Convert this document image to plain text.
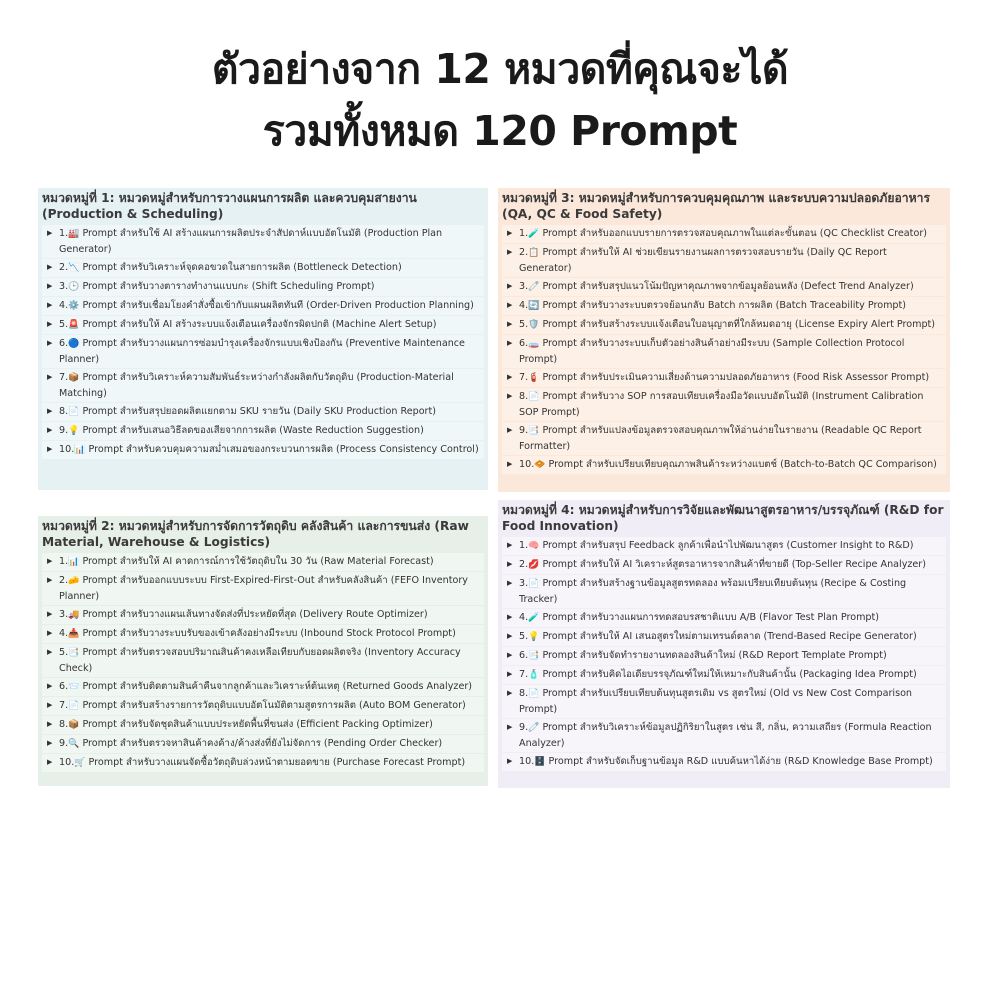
ตัวอย่างจาก 12 หมวดที่คุณจะได้
รวมทั้งหมด 120 Prompt
หมวดหมู่ที่ 1: หมวดหมู่สำหรับการวางแผนการผลิต และควบคุมสายงาน (Production & Scheduling)
▶ 1.🏭 Prompt สำหรับใช้ AI สร้างแผนการผลิตประจำสัปดาห์แบบอัตโนมัติ (Production Plan Generator)
▶ 2.📉 Prompt สำหรับวิเคราะห์จุดคอขวดในสายการผลิต (Bottleneck Detection)
▶ 3.🕒 Prompt สำหรับวางตารางทำงานแบบกะ (Shift Scheduling Prompt)
▶ 4.⚙️ Prompt สำหรับเชื่อมโยงคำสั่งซื้อเข้ากับแผนผลิตทันที (Order-Driven Production Planning)
▶ 5.🚨 Prompt สำหรับให้ AI สร้างระบบแจ้งเตือนเครื่องจักรผิดปกติ (Machine Alert Setup)
▶ 6.🔵 Prompt สำหรับวางแผนการซ่อมบำรุงเครื่องจักรแบบเชิงป้องกัน (Preventive Maintenance Planner)
▶ 7.📦 Prompt สำหรับวิเคราะห์ความสัมพันธ์ระหว่างกำลังผลิตกับวัตถุดิบ (Production-Material Matching)
▶ 8.📄 Prompt สำหรับสรุปยอดผลิตแยกตาม SKU รายวัน (Daily SKU Production Report)
▶ 9.💡 Prompt สำหรับเสนอวิธีลดของเสียจากการผลิต (Waste Reduction Suggestion)
▶ 10.📊 Prompt สำหรับควบคุมความสม่ำเสมอของกระบวนการผลิต (Process Consistency Control)
หมวดหมู่ที่ 2: หมวดหมู่สำหรับการจัดการวัตถุดิบ คลังสินค้า และการขนส่ง (Raw Material, Warehouse & Logistics)
▶ 1.📊 Prompt สำหรับให้ AI คาดการณ์การใช้วัตถุดิบใน 30 วัน (Raw Material Forecast)
▶ 2.🧀 Prompt สำหรับออกแบบระบบ First-Expired-First-Out สำหรับคลังสินค้า (FEFO Inventory Planner)
▶ 3.🚚 Prompt สำหรับวางแผนเส้นทางจัดส่งที่ประหยัดที่สุด (Delivery Route Optimizer)
▶ 4.📥 Prompt สำหรับวางระบบรับของเข้าคลังอย่างมีระบบ (Inbound Stock Protocol Prompt)
▶ 5.📑 Prompt สำหรับตรวจสอบปริมาณสินค้าคงเหลือเทียบกับยอดผลิตจริง (Inventory Accuracy Check)
▶ 6.📨 Prompt สำหรับติดตามสินค้าคืนจากลูกค้าและวิเคราะห์ต้นเหตุ (Returned Goods Analyzer)
▶ 7.📄 Prompt สำหรับสร้างรายการวัตถุดิบแบบอัตโนมัติตามสูตรการผลิต (Auto BOM Generator)
▶ 8.📦 Prompt สำหรับจัดชุดสินค้าแบบประหยัดพื้นที่ขนส่ง (Efficient Packing Optimizer)
▶ 9.🔍 Prompt สำหรับตรวจหาสินค้าคงค้าง/ค้างส่งที่ยังไม่จัดการ (Pending Order Checker)
▶ 10.🛒 Prompt สำหรับวางแผนจัดซื้อวัตถุดิบล่วงหน้าตามยอดขาย (Purchase Forecast Prompt)
หมวดหมู่ที่ 3: หมวดหมู่สำหรับการควบคุมคุณภาพ และระบบความปลอดภัยอาหาร (QA, QC & Food Safety)
▶ 1.🧪 Prompt สำหรับออกแบบรายการตรวจสอบคุณภาพในแต่ละขั้นตอน (QC Checklist Creator)
▶ 2.📋 Prompt สำหรับให้ AI ช่วยเขียนรายงานผลการตรวจสอบรายวัน (Daily QC Report Generator)
▶ 3.🧷 Prompt สำหรับสรุปแนวโน้มปัญหาคุณภาพจากข้อมูลย้อนหลัง (Defect Trend Analyzer)
▶ 4.🔄 Prompt สำหรับวางระบบตรวจย้อนกลับ Batch การผลิต (Batch Traceability Prompt)
▶ 5.🛡️ Prompt สำหรับสร้างระบบแจ้งเตือนใบอนุญาตที่ใกล้หมดอายุ (License Expiry Alert Prompt)
▶ 6.🧫 Prompt สำหรับวางระบบเก็บตัวอย่างสินค้าอย่างมีระบบ (Sample Collection Protocol Prompt)
▶ 7.🧯 Prompt สำหรับประเมินความเสี่ยงด้านความปลอดภัยอาหาร (Food Risk Assessor Prompt)
▶ 8.📄 Prompt สำหรับวาง SOP การสอบเทียบเครื่องมือวัดแบบอัตโนมัติ (Instrument Calibration SOP Prompt)
▶ 9.📑 Prompt สำหรับแปลงข้อมูลตรวจสอบคุณภาพให้อ่านง่ายในรายงาน (Readable QC Report Formatter)
▶ 10.🧇 Prompt สำหรับเปรียบเทียบคุณภาพสินค้าระหว่างแบตช์ (Batch-to-Batch QC Comparison)
หมวดหมู่ที่ 4: หมวดหมู่สำหรับการวิจัยและพัฒนาสูตรอาหาร/บรรจุภัณฑ์ (R&D for Food Innovation)
▶ 1.🧠 Prompt สำหรับสรุป Feedback ลูกค้าเพื่อนำไปพัฒนาสูตร (Customer Insight to R&D)
▶ 2.💋 Prompt สำหรับให้ AI วิเคราะห์สูตรอาหารจากสินค้าที่ขายดี (Top-Seller Recipe Analyzer)
▶ 3.📄 Prompt สำหรับสร้างฐานข้อมูลสูตรทดลอง พร้อมเปรียบเทียบต้นทุน (Recipe & Costing Tracker)
▶ 4.🧪 Prompt สำหรับวางแผนการทดสอบรสชาติแบบ A/B (Flavor Test Plan Prompt)
▶ 5.💡 Prompt สำหรับให้ AI เสนอสูตรใหม่ตามเทรนด์ตลาด (Trend-Based Recipe Generator)
▶ 6.📑 Prompt สำหรับจัดทำรายงานทดลองสินค้าใหม่ (R&D Report Template Prompt)
▶ 7.🧴 Prompt สำหรับคิดไอเดียบรรจุภัณฑ์ใหม่ให้เหมาะกับสินค้านั้น (Packaging Idea Prompt)
▶ 8.📄 Prompt สำหรับเปรียบเทียบต้นทุนสูตรเดิม vs สูตรใหม่ (Old vs New Cost Comparison Prompt)
▶ 9.🧷 Prompt สำหรับวิเคราะห์ข้อมูลปฏิกิริยาในสูตร เช่น สี, กลิ่น, ความเสถียร (Formula Reaction Analyzer)
▶ 10.🗄️ Prompt สำหรับจัดเก็บฐานข้อมูล R&D แบบค้นหาได้ง่าย (R&D Knowledge Base Prompt)
